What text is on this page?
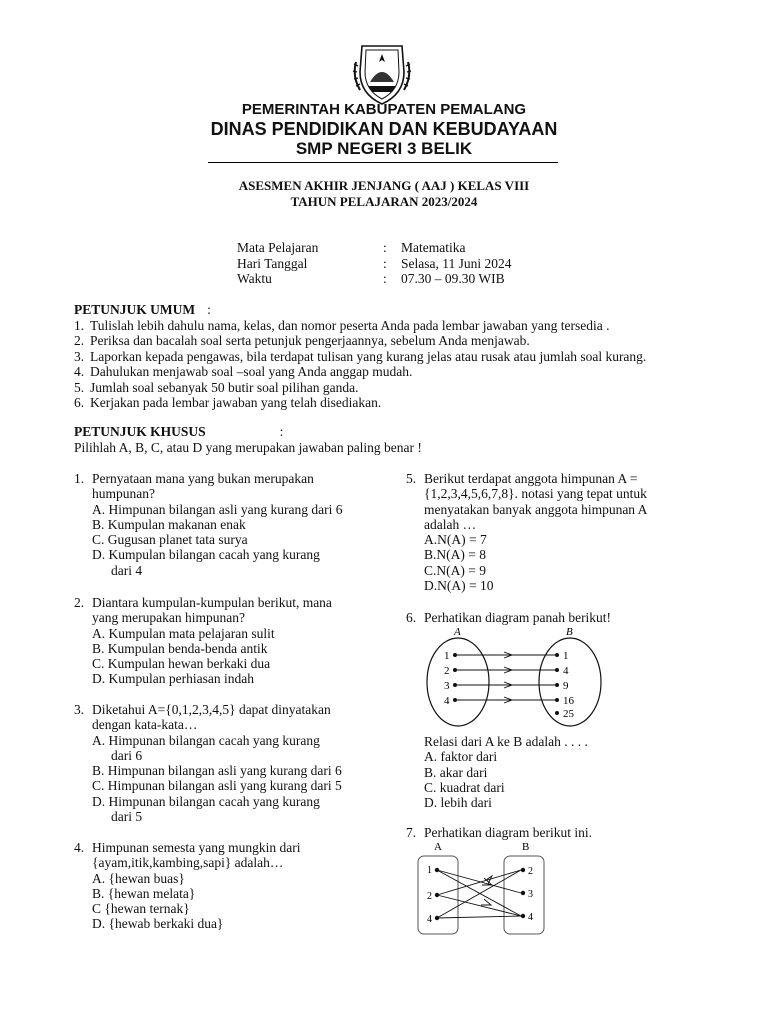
PEMERINTAH KABUPATEN PEMALANG
DINAS PENDIDIKAN DAN KEBUDAYAAN
SMP NEGERI 3 BELIK
ASESMEN AKHIR JENJANG ( AAJ ) KELAS VIII
TAHUN PELAJARAN 2023/2024
Mata Pelajaran	:	Matematika
Hari Tanggal	:	Selasa, 11 Juni 2024
Waktu	:	07.30 – 09.30 WIB
PETUNJUK UMUM :
1. Tulislah lebih dahulu nama, kelas, dan nomor peserta Anda pada lembar jawaban yang tersedia .
2. Periksa dan bacalah soal serta petunjuk pengerjaannya, sebelum Anda menjawab.
3. Laporkan kepada pengawas, bila terdapat tulisan yang kurang jelas atau rusak atau jumlah soal kurang.
4. Dahulukan menjawab soal –soal yang Anda anggap mudah.
5. Jumlah soal sebanyak 50 butir soal pilihan ganda.
6. Kerjakan pada lembar jawaban yang telah disediakan.
PETUNJUK KHUSUS	:
Pilihlah A, B, C, atau D yang merupakan jawaban paling benar !
1. Pernyataan mana yang bukan merupakan
humpunan?
A. Himpunan bilangan asli yang kurang dari 6
B. Kumpulan makanan enak
C. Gugusan planet tata surya
D. Kumpulan bilangan cacah yang kurang
dari 4
2. Diantara kumpulan-kumpulan berikut, mana
yang merupakan himpunan?
A. Kumpulan mata pelajaran sulit
B. Kumpulan benda-benda antik
C. Kumpulan hewan berkaki dua
D. Kumpulan perhiasan indah
3. Diketahui A={0,1,2,3,4,5} dapat dinyatakan
dengan kata-kata…
A. Himpunan bilangan cacah yang kurang
dari 6
B. Himpunan bilangan asli yang kurang dari 6
C. Himpunan bilangan asli yang kurang dari 5
D. Himpunan bilangan cacah yang kurang
dari 5
4. Himpunan semesta yang mungkin dari
{ayam,itik,kambing,sapi} adalah…
A. {hewan buas}
B. {hewan melata}
C {hewan ternak}
D. {hewab berkaki dua}
5. Berikut terdapat anggota himpunan A =
{1,2,3,4,5,6,7,8}. notasi yang tepat untuk
menyatakan banyak anggota himpunan A
adalah …
A.N(A) = 7
B.N(A) = 8
C.N(A) = 9
D.N(A) = 10
6. Perhatikan diagram panah berikut!
A	B
1
2
3
4
1
4
9
16
25
Relasi dari A ke B adalah . . . .
A. faktor dari
B. akar dari
C. kuadrat dari
D. lebih dari
7. Perhatikan diagram berikut ini.
A	B
1
2
4
2
3
4
